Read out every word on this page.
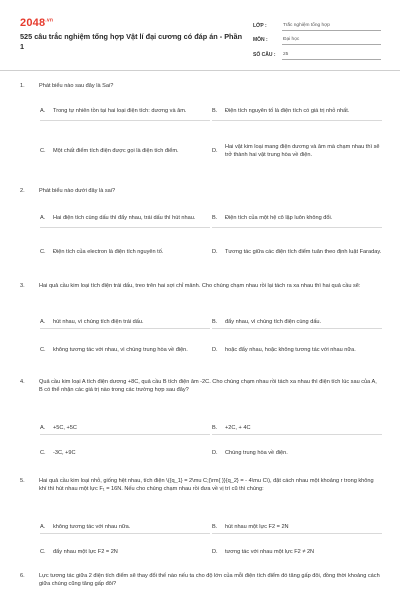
$2048^{.vn}$
525 câu trắc nghiệm tổng hợp Vật lí đại cương có đáp án - Phần 1
LỚP :	Trắc nghiệm tổng hợp
MÔN :	Đại học
SỐ CÂU :	25
1.	Phát biểu nào sau đây là Sai?
A.	Trong tự nhiên tồn tại hai loại điện tích: dương và âm.	B.	Điện tích nguyên tố là điện tích có giá trị nhỏ nhất.
C.	Một chất điểm tích điện được gọi là điện tích điểm.	D.
Hai vật kim loại mang điện dương và âm mà chạm nhau thì sẽ trở thành hai vật trung hòa về điện.
2.	Phát biểu nào dưới đây là sai?
A.	Hai điện tích cùng dấu thì đẩy nhau, trái dấu thì hút nhau.	B.	Điện tích của một hệ cô lập luôn không đổi.
C.	Điện tích của electron là điện tích nguyên tố.	D.	Tương tác giữa các điện tích điểm tuân theo định luật Faraday.
3.	Hai quả cầu kim loại tích điện trái dấu, treo trên hai sợi chỉ mảnh. Cho chúng chạm nhau rồi lại tách ra xa nhau thì hai quả cầu sẽ:
A.	hút nhau, vì chúng tích điện trái dấu.	B.	đẩy nhau, vì chúng tích điện cùng dấu.
C.	không tương tác với nhau, vì chúng trung hòa về điện.	D.	hoặc đẩy nhau, hoặc không tương tác với nhau nữa.
4.	Quả cầu kim loại A tích điện dương +8C, quả cầu B tích điện âm -2C. Cho chúng chạm nhau rồi tách xa nhau thì điện tích lúc sau của A, B có thể nhận các giá trị nào trong các trường hợp sau đây?
A.	+5C, +5C	B.	+2C, + 4C
C.	-3C, +9C	D.	Chúng trung hòa về điện.
5.	Hai quả cầu kim loại nhỏ, giống hệt nhau, tích điện \({q_1} = 2\mu C;{\rm{ }}{q_2} = - 4\mu C\), đặt cách nhau một khoảng r trong không khí thì hút nhau một lực F₁ = 16N. Nếu cho chúng chạm nhau rồi đưa về vị trí cũ thì chúng:
A.	không tương tác với nhau nữa.	B.	hút nhau một lực F2 = 2N
C.	đẩy nhau một lực F2 = 2N	D.	tương tác với nhau một lực F2 ≠ 2N
6.	Lực tương tác giữa 2 điện tích điểm sẽ thay đổi thế nào nếu ta cho độ lớn của mỗi điện tích điểm đó tăng gấp đôi, đồng thời khoảng cách giữa chúng cũng tăng gấp đôi?
